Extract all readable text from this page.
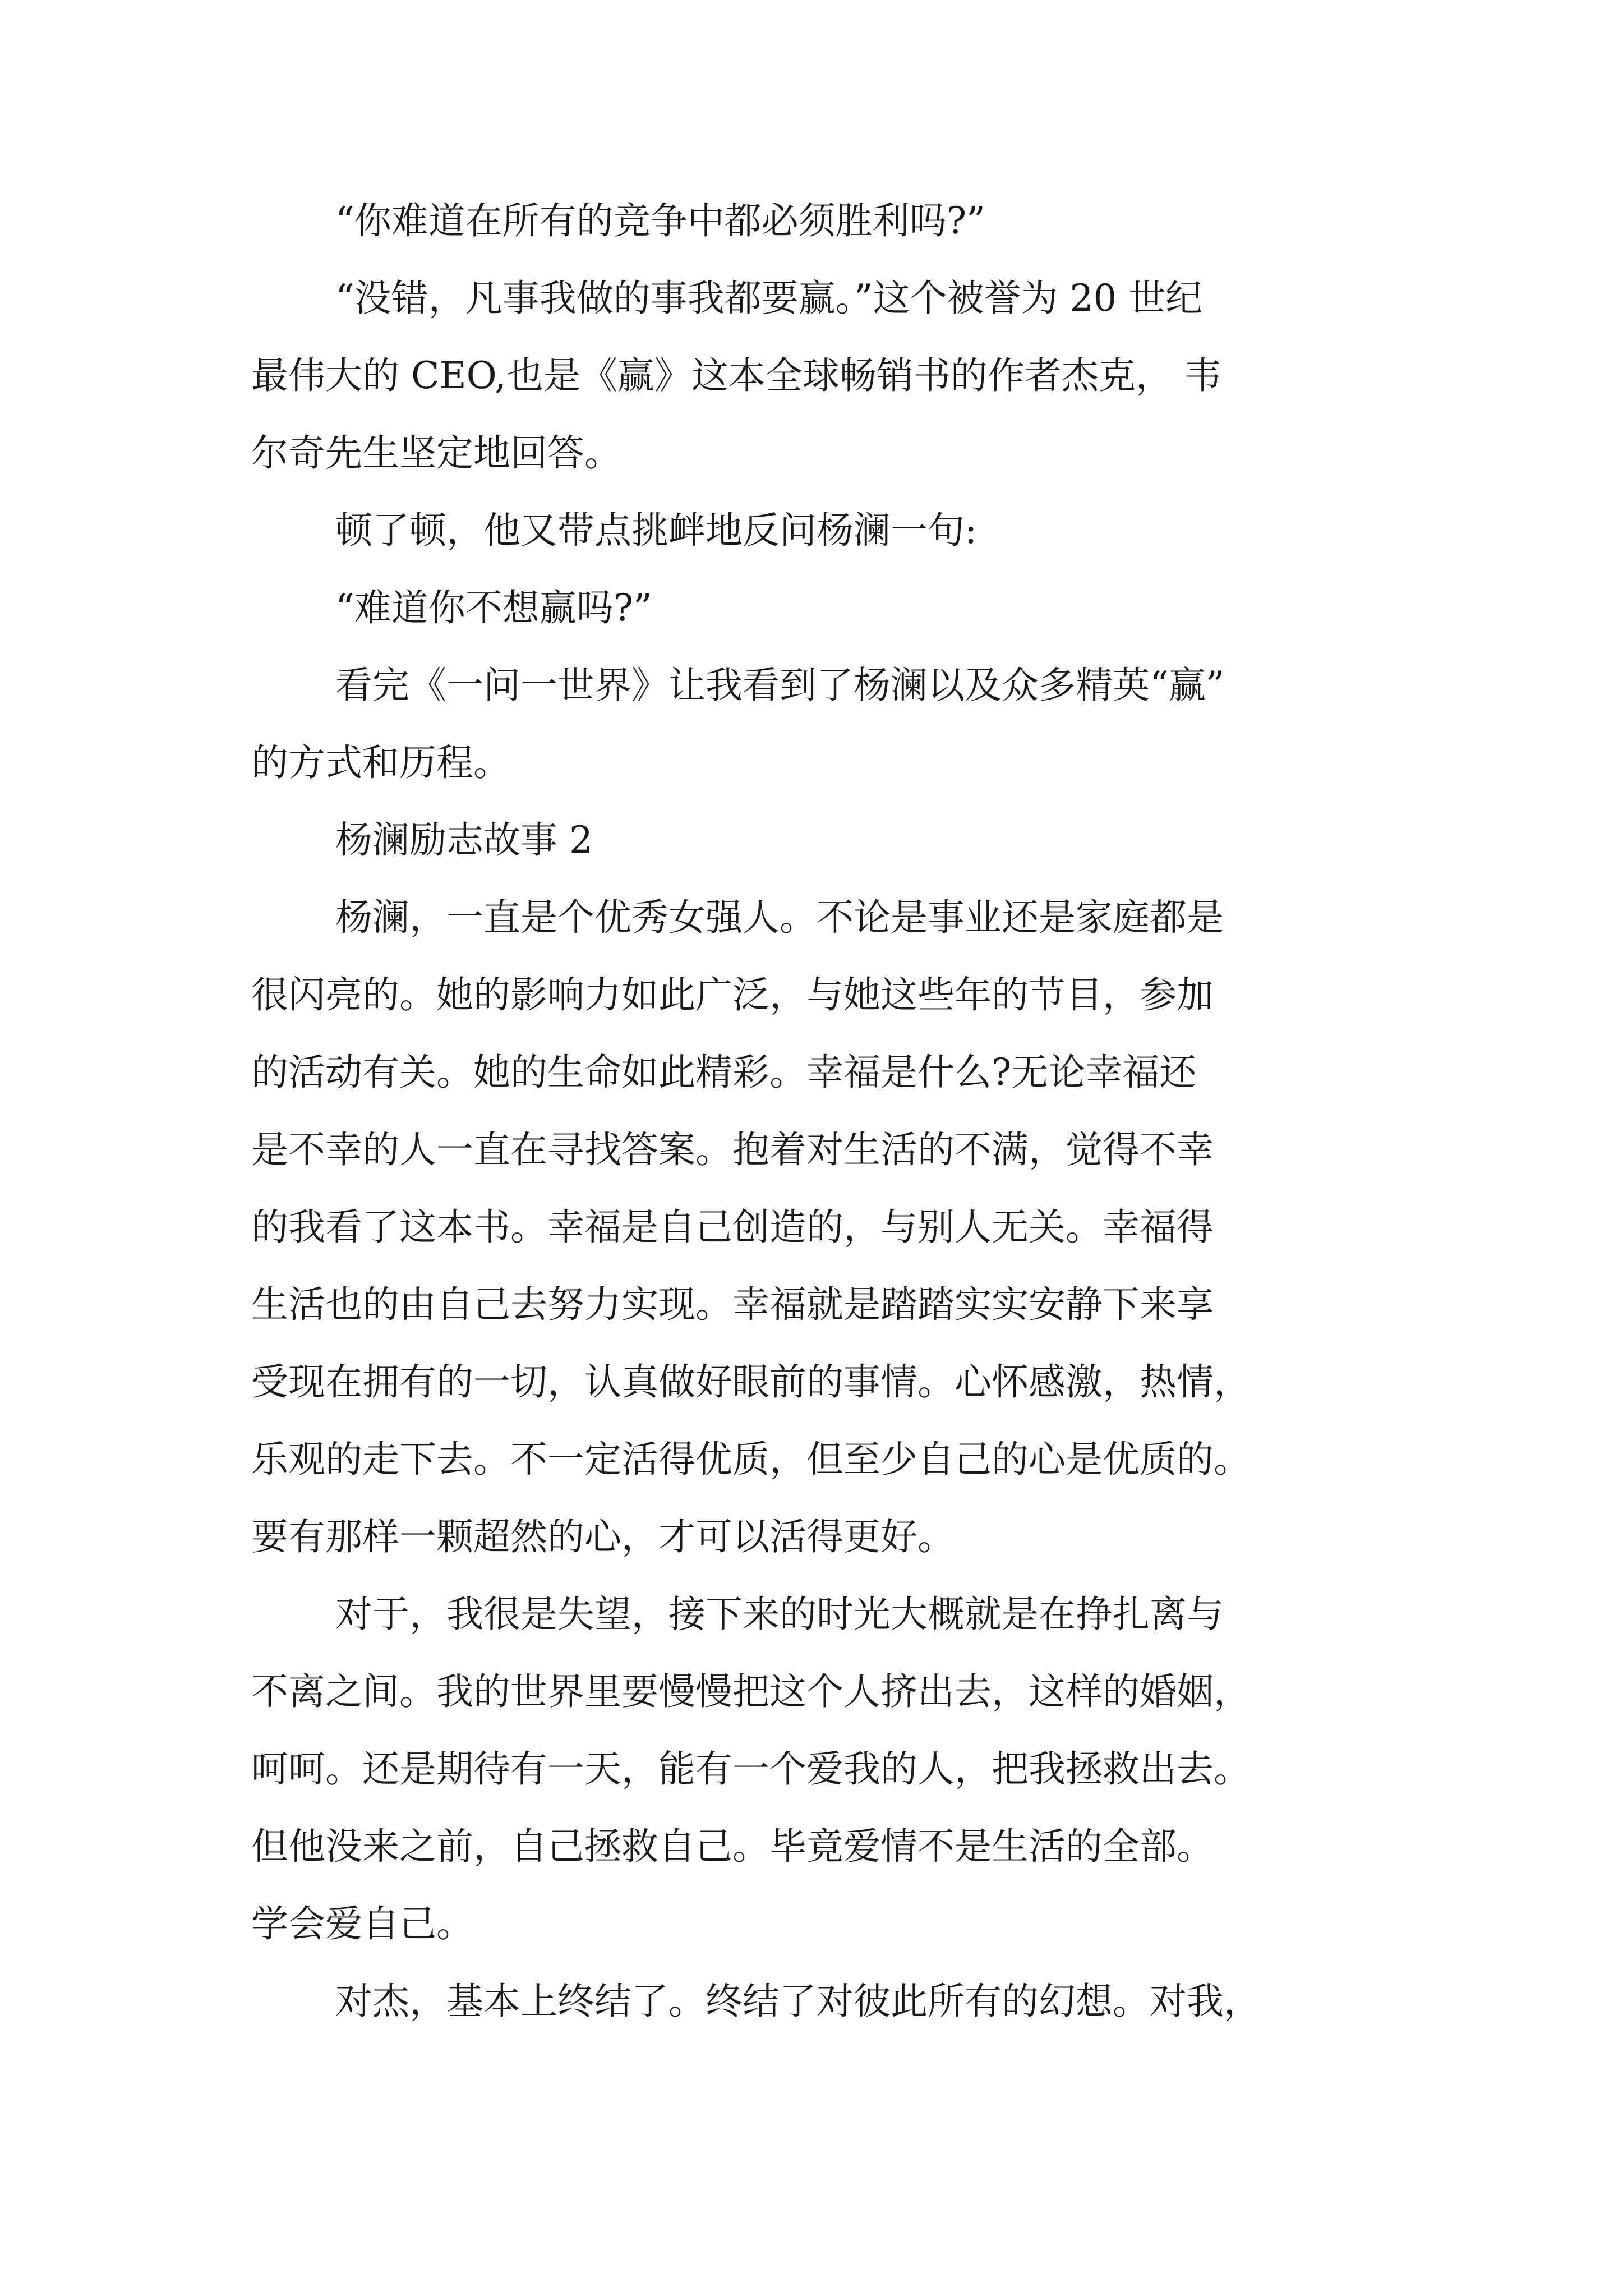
“你难道在所有的竞争中都必须胜利吗?”
“没错，凡事我做的事我都要赢。”这个被誉为 20 世纪
最伟大的 CEO,也是《赢》这本全球畅销书的作者杰克， 韦
尔奇先生坚定地回答。
顿了顿，他又带点挑衅地反问杨澜一句:
“难道你不想赢吗?”
看完《一问一世界》让我看到了杨澜以及众多精英“赢”
的方式和历程。
杨澜励志故事 2
杨澜，一直是个优秀女强人。不论是事业还是家庭都是
很闪亮的。她的影响力如此广泛，与她这些年的节目，参加
的活动有关。她的生命如此精彩。幸福是什么?无论幸福还
是不幸的人一直在寻找答案。抱着对生活的不满，觉得不幸
的我看了这本书。幸福是自己创造的，与别人无关。幸福得
生活也的由自己去努力实现。幸福就是踏踏实实安静下来享
受现在拥有的一切，认真做好眼前的事情。心怀感激，热情，
乐观的走下去。不一定活得优质，但至少自己的心是优质的。
要有那样一颗超然的心，才可以活得更好。
对于，我很是失望，接下来的时光大概就是在挣扎离与
不离之间。我的世界里要慢慢把这个人挤出去，这样的婚姻，
呵呵。还是期待有一天，能有一个爱我的人，把我拯救出去。
但他没来之前，自己拯救自己。毕竟爱情不是生活的全部。
学会爱自己。
对杰，基本上终结了。终结了对彼此所有的幻想。对我，
